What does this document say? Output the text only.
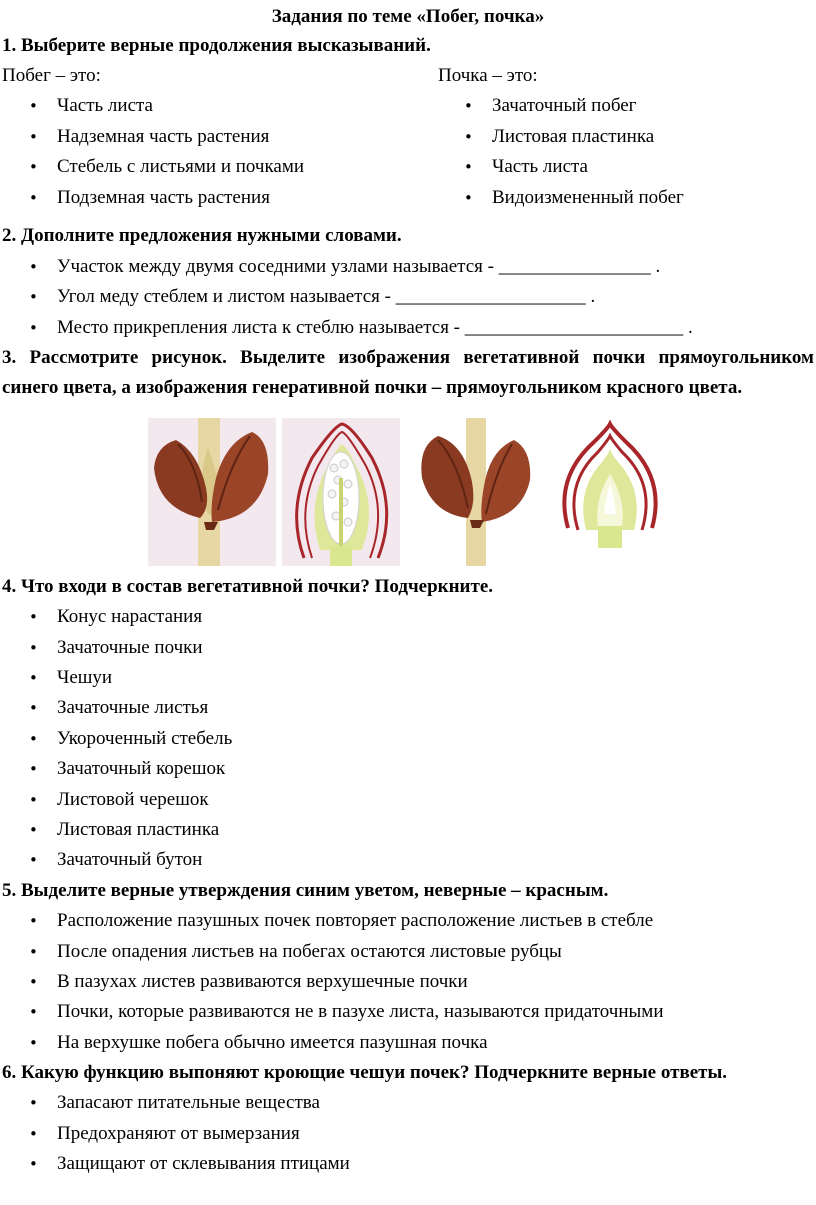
Задания по теме «Побег, почка»
1. Выберите верные продолжения высказываний.
Побег – это:
• Часть листа
• Надземная часть растения
• Стебель с листьями и почками
• Подземная часть растения
Почка – это:
• Зачаточный побег
• Листовая пластинка
• Часть листа
• Видоизмененный побег
2. Дополните предложения нужными словами.
• Участок между двумя соседними узлами называется - ________________ .
• Угол меду стеблем и листом называется - ____________________ .
• Место прикрепления листа к стеблю называется - _______________________ .
3. Рассмотрите рисунок. Выделите изображения вегетативной почки прямоугольником синего цвета, а изображения генеративной почки – прямоугольником красного цвета.
4. Что входи в состав вегетативной почки? Подчеркните.
• Конус нарастания
• Зачаточные почки
• Чешуи
• Зачаточные листья
• Укороченный стебель
• Зачаточный корешок
• Листовой черешок
• Листовая пластинка
• Зачаточный бутон
5. Выделите верные утверждения синим уветом, неверные – красным.
• Расположение пазушных почек повторяет расположение листьев в стебле
• После опадения листьев на побегах остаются листовые рубцы
• В пазухах листев развиваются верхушечные почки
• Почки, которые развиваются не в пазухе листа, называются придаточными
• На верхушке побега обычно имеется пазушная почка
6. Какую функцию выпоняют кроющие чешуи почек? Подчеркните верные ответы.
• Запасают питательные вещества
• Предохраняют от вымерзания
• Защищают от склевывания птицами
